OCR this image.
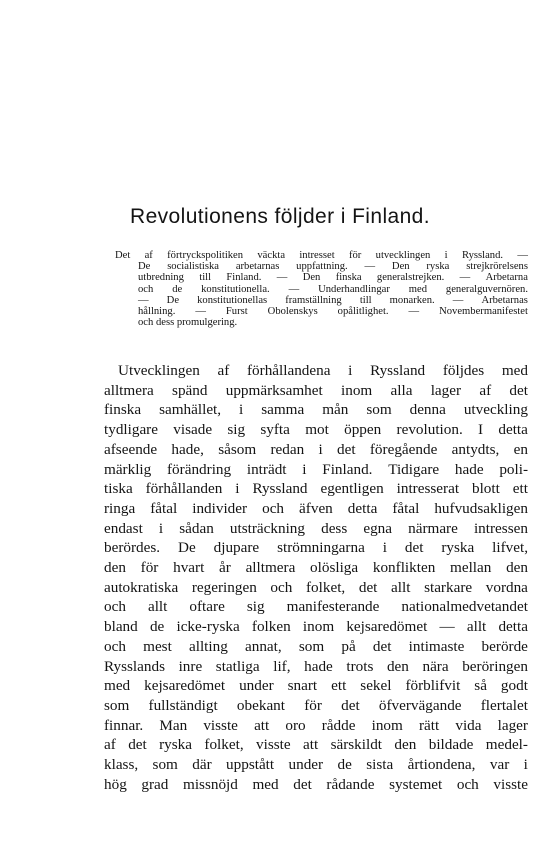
Revolutionens följder i Finland.
Det af förtryckspolitiken väckta intresset för utvecklingen i Ryssland. —
De socialistiska arbetarnas uppfattning. — Den ryska strejkrörelsens
utbredning till Finland. — Den finska generalstrejken. — Arbetarna
och de konstitutionella. — Underhandlingar med generalguvernören.
— De konstitutionellas framställning till monarken. — Arbetarnas
hållning. — Furst Obolenskys opålitlighet. — Novembermanifestet
och
dess
promulgering.
Utvecklingen af förhållandena i Ryssland följdes med
alltmera spänd uppmärksamhet inom alla lager af det
finska samhället, i samma mån som denna utveckling
tydligare visade sig syfta mot öppen revolution. I detta
afseende hade, såsom redan i det föregående antydts, en
märklig förändring inträdt i Finland. Tidigare hade poli-
tiska förhållanden i Ryssland egentligen intresserat blott ett
ringa fåtal individer och äfven detta fåtal hufvudsakligen
endast i sådan utsträckning dess egna närmare intressen
berördes. De djupare strömningarna i det ryska lifvet,
den för hvart år alltmera olösliga konflikten mellan den
autokratiska regeringen och folket, det allt starkare vordna
och allt oftare sig manifesterande nationalmedvetandet
bland de icke-ryska folken inom kejsaredömet — allt detta
och mest allting annat, som på det intimaste berörde
Rysslands inre statliga lif, hade trots den nära beröringen
med kejsaredömet under snart ett sekel förblifvit så godt
som fullständigt obekant för det öfvervägande flertalet
finnar. Man visste att oro rådde inom rätt vida lager
af det ryska folket, visste att särskildt den bildade medel-
klass, som där uppstått under de sista årtiondena, var i
hög grad missnöjd med det rådande systemet och visste
